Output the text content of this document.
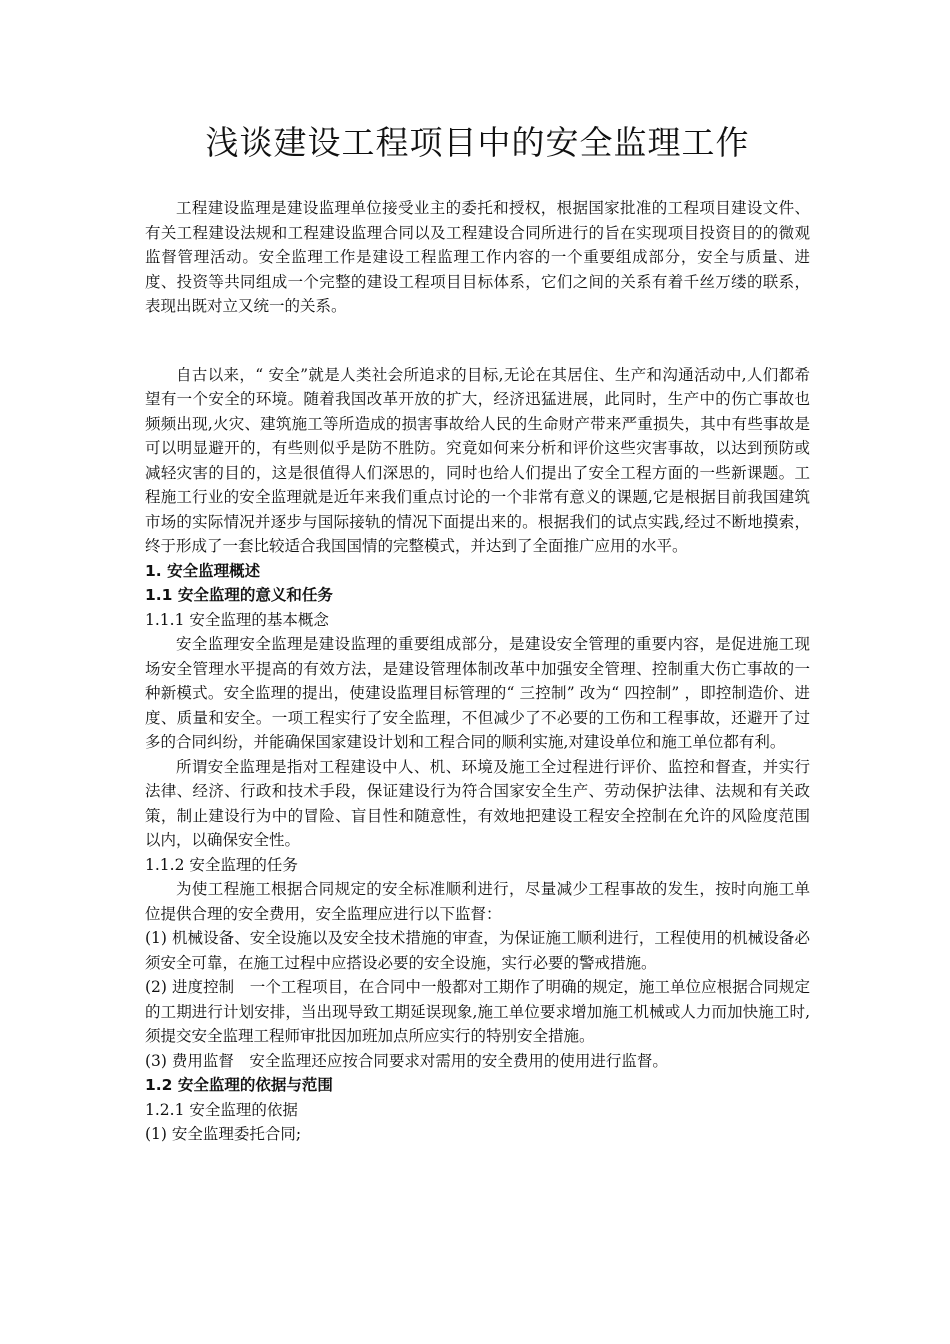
浅谈建设工程项目中的安全监理工作

工程建设监理是建设监理单位接受业主的委托和授权，根据国家批准的工程项目建设文件、有关工程建设法规和工程建设监理合同以及工程建设合同所进行的旨在实现项目投资目的的微观监督管理活动。安全监理工作是建设工程监理工作内容的一个重要组成部分，安全与质量、进度、投资等共同组成一个完整的建设工程项目目标体系，它们之间的关系有着千丝万缕的联系，表现出既对立又统一的关系。

自古以来，“ 安全”就是人类社会所追求的目标,无论在其居住、生产和沟通活动中,人们都希望有一个安全的环境。随着我国改革开放的扩大，经济迅猛进展，此同时，生产中的伤亡事故也频频出现,火灾、建筑施工等所造成的损害事故给人民的生命财产带来严重损失，其中有些事故是可以明显避开的，有些则似乎是防不胜防。究竟如何来分析和评价这些灾害事故，以达到预防或减轻灾害的目的，这是很值得人们深思的，同时也给人们提出了安全工程方面的一些新课题。工程施工行业的安全监理就是近年来我们重点讨论的一个非常有意义的课题,它是根据目前我国建筑市场的实际情况并逐步与国际接轨的情况下面提出来的。根据我们的试点实践,经过不断地摸索，终于形成了一套比较适合我国国情的完整模式，并达到了全面推广应用的水平。

1. 安全监理概述
1.1 安全监理的意义和任务
1.1.1 安全监理的基本概念

安全监理安全监理是建设监理的重要组成部分，是建设安全管理的重要内容，是促进施工现场安全管理水平提高的有效方法，是建设管理体制改革中加强安全管理、控制重大伤亡事故的一种新模式。安全监理的提出，使建设监理目标管理的“ 三控制” 改为“ 四控制” ，即控制造价、进度、质量和安全。一项工程实行了安全监理，不但减少了不必要的工伤和工程事故，还避开了过多的合同纠纷，并能确保国家建设计划和工程合同的顺利实施,对建设单位和施工单位都有利。

所谓安全监理是指对工程建设中人、机、环境及施工全过程进行评价、监控和督查，并实行法律、经济、行政和技术手段，保证建设行为符合国家安全生产、劳动保护法律、法规和有关政策，制止建设行为中的冒险、盲目性和随意性，有效地把建设工程安全控制在允许的风险度范围以内，以确保安全性。

1.1.2 安全监理的任务

为使工程施工根据合同规定的安全标准顺利进行，尽量减少工程事故的发生，按时向施工单位提供合理的安全费用，安全监理应进行以下监督：

(1) 机械设备、安全设施以及安全技术措施的审查，为保证施工顺利进行，工程使用的机械设备必须安全可靠，在施工过程中应搭设必要的安全设施，实行必要的警戒措施。

(2) 进度控制　一个工程项目，在合同中一般都对工期作了明确的规定，施工单位应根据合同规定的工期进行计划安排，当出现导致工期延误现象,施工单位要求增加施工机械或人力而加快施工时,须提交安全监理工程师审批因加班加点所应实行的特别安全措施。

(3) 费用监督　安全监理还应按合同要求对需用的安全费用的使用进行监督。

1.2 安全监理的依据与范围
1.2.1 安全监理的依据

(1) 安全监理委托合同;
